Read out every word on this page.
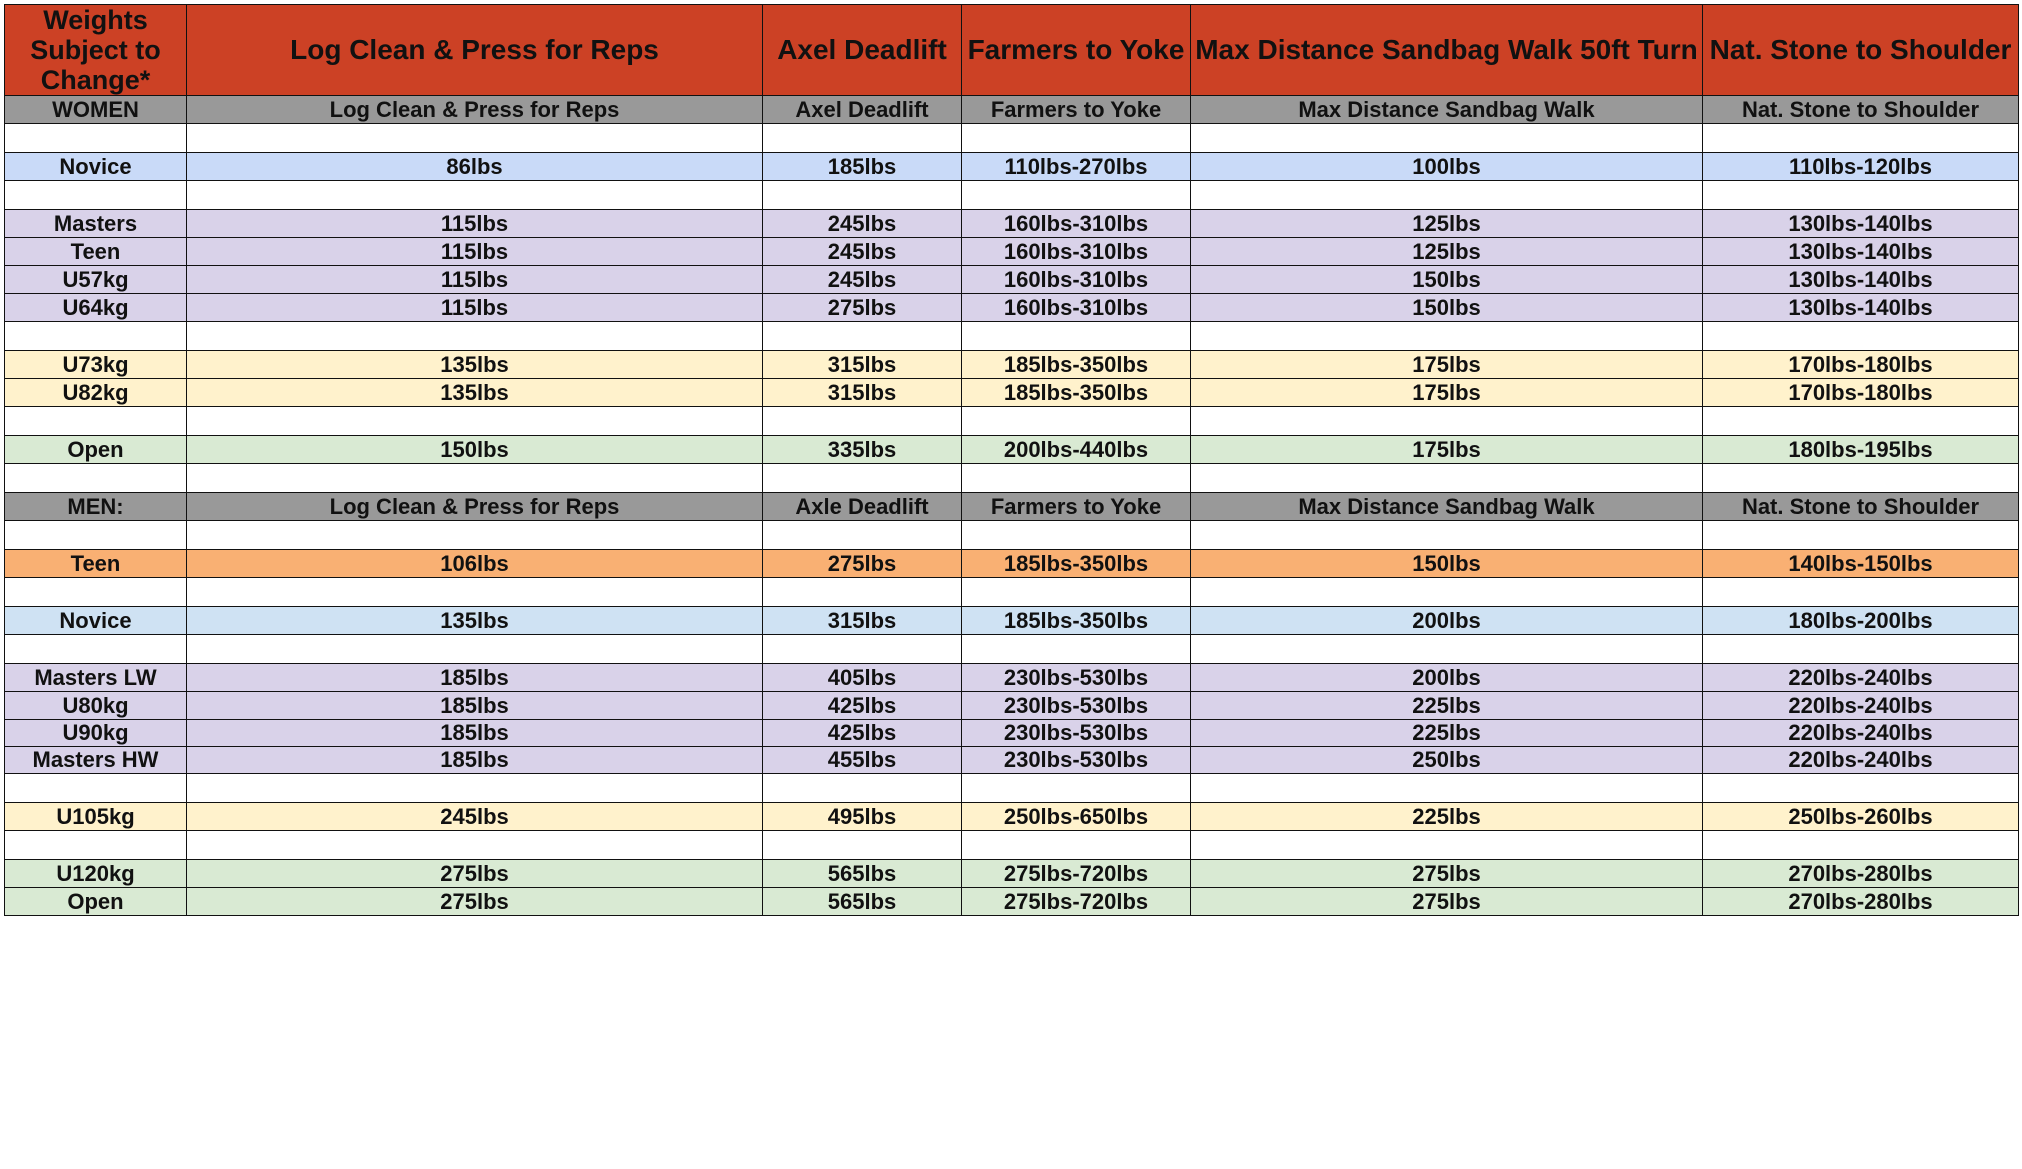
Weights Subject to Change*	Log Clean & Press for Reps	Axel Deadlift	Farmers to Yoke	Max Distance Sandbag Walk 50ft Turn	Nat. Stone to Shoulder
WOMEN	Log Clean & Press for Reps	Axel Deadlift	Farmers to Yoke	Max Distance Sandbag Walk	Nat. Stone to Shoulder

Novice	86lbs	185lbs	110lbs-270lbs	100lbs	110lbs-120lbs

Masters	115lbs	245lbs	160lbs-310lbs	125lbs	130lbs-140lbs
Teen	115lbs	245lbs	160lbs-310lbs	125lbs	130lbs-140lbs
U57kg	115lbs	245lbs	160lbs-310lbs	150lbs	130lbs-140lbs
U64kg	115lbs	275lbs	160lbs-310lbs	150lbs	130lbs-140lbs

U73kg	135lbs	315lbs	185lbs-350lbs	175lbs	170lbs-180lbs
U82kg	135lbs	315lbs	185lbs-350lbs	175lbs	170lbs-180lbs

Open	150lbs	335lbs	200lbs-440lbs	175lbs	180lbs-195lbs

MEN:	Log Clean & Press for Reps	Axle Deadlift	Farmers to Yoke	Max Distance Sandbag Walk	Nat. Stone to Shoulder

Teen	106lbs	275lbs	185lbs-350lbs	150lbs	140lbs-150lbs

Novice	135lbs	315lbs	185lbs-350lbs	200lbs	180lbs-200lbs

Masters LW	185lbs	405lbs	230lbs-530lbs	200lbs	220lbs-240lbs
U80kg	185lbs	425lbs	230lbs-530lbs	225lbs	220lbs-240lbs
U90kg	185lbs	425lbs	230lbs-530lbs	225lbs	220lbs-240lbs
Masters HW	185lbs	455lbs	230lbs-530lbs	250lbs	220lbs-240lbs

U105kg	245lbs	495lbs	250lbs-650lbs	225lbs	250lbs-260lbs

U120kg	275lbs	565lbs	275lbs-720lbs	275lbs	270lbs-280lbs
Open	275lbs	565lbs	275lbs-720lbs	275lbs	270lbs-280lbs
